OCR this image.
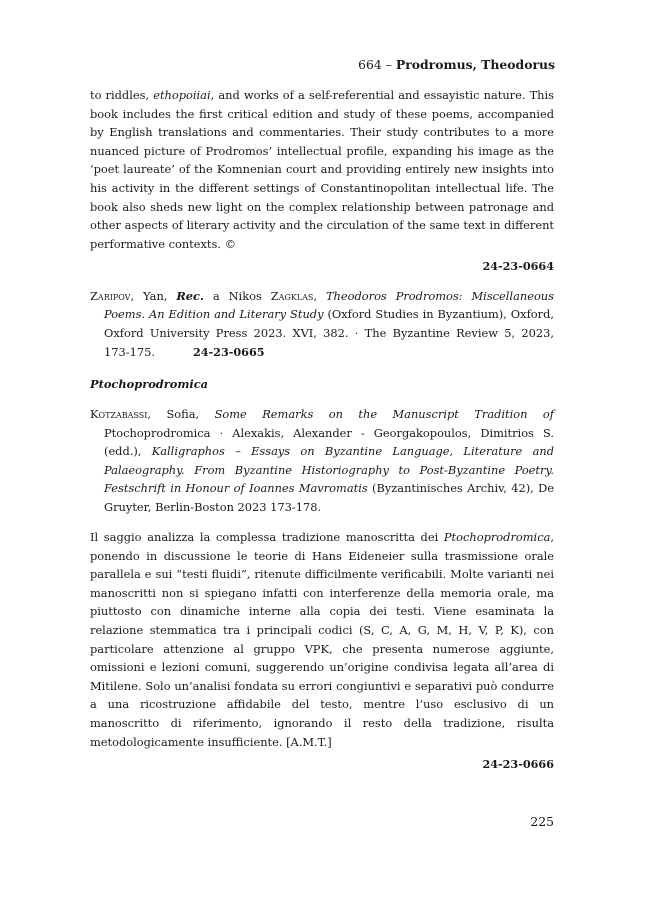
664 – Prodromus, Theodorus

to riddles, ethopoiiai, and works of a self-referential and essayistic nature. This book includes the first critical edition and study of these poems, accompanied by English translations and commentaries. Their study contributes to a more nuanced picture of Prodromos’ intellectual profile, expanding his image as the ‘poet laureate’ of the Komnenian court and providing entirely new insights into his activity in the different settings of Constantinopolitan intellectual life. The book also sheds new light on the complex relationship between patronage and other aspects of literary activity and the circulation of the same text in different performative contexts. ©

24-23-0664

Zaripov, Yan, Rec. a Nikos Zagklas, Theodoros Prodromos: Miscellaneous Poems. An Edition and Literary Study (Oxford Studies in Byzantium), Oxford, Oxford University Press 2023. XVI, 382. · The Byzantine Review 5, 2023, 173-175.	24-23-0665

Ptochoprodromica

Kotzabassi, Sofia, Some Remarks on the Manuscript Tradition of Ptochoprodromica · Alexakis, Alexander - Georgakopoulos, Dimitrios S. (edd.), Kalligraphos – Essays on Byzantine Language, Literature and Palaeography. From Byzantine Historiography to Post-Byzantine Poetry. Festschrift in Honour of Ioannes Mavromatis (Byzantinisches Archiv, 42), De Gruyter, Berlin-Boston 2023 173-178.

Il saggio analizza la complessa tradizione manoscritta dei Ptochoprodromica, ponendo in discussione le teorie di Hans Eideneier sulla trasmissione orale parallela e sui “testi fluidi”, ritenute difficilmente verificabili. Molte varianti nei manoscritti non si spiegano infatti con interferenze della memoria orale, ma piuttosto con dinamiche interne alla copia dei testi. Viene esaminata la relazione stemmatica tra i principali codici (S, C, A, G, M, H, V, P, K), con particolare attenzione al gruppo VPK, che presenta numerose aggiunte, omissioni e lezioni comuni, suggerendo un’origine condivisa legata all’area di Mitilene. Solo un’analisi fondata su errori congiuntivi e separativi può condurre a una ricostruzione affidabile del testo, mentre l’uso esclusivo di un manoscritto di riferimento, ignorando il resto della tradizione, risulta metodologicamente insufficiente. [A.M.T.]

24-23-0666

225
